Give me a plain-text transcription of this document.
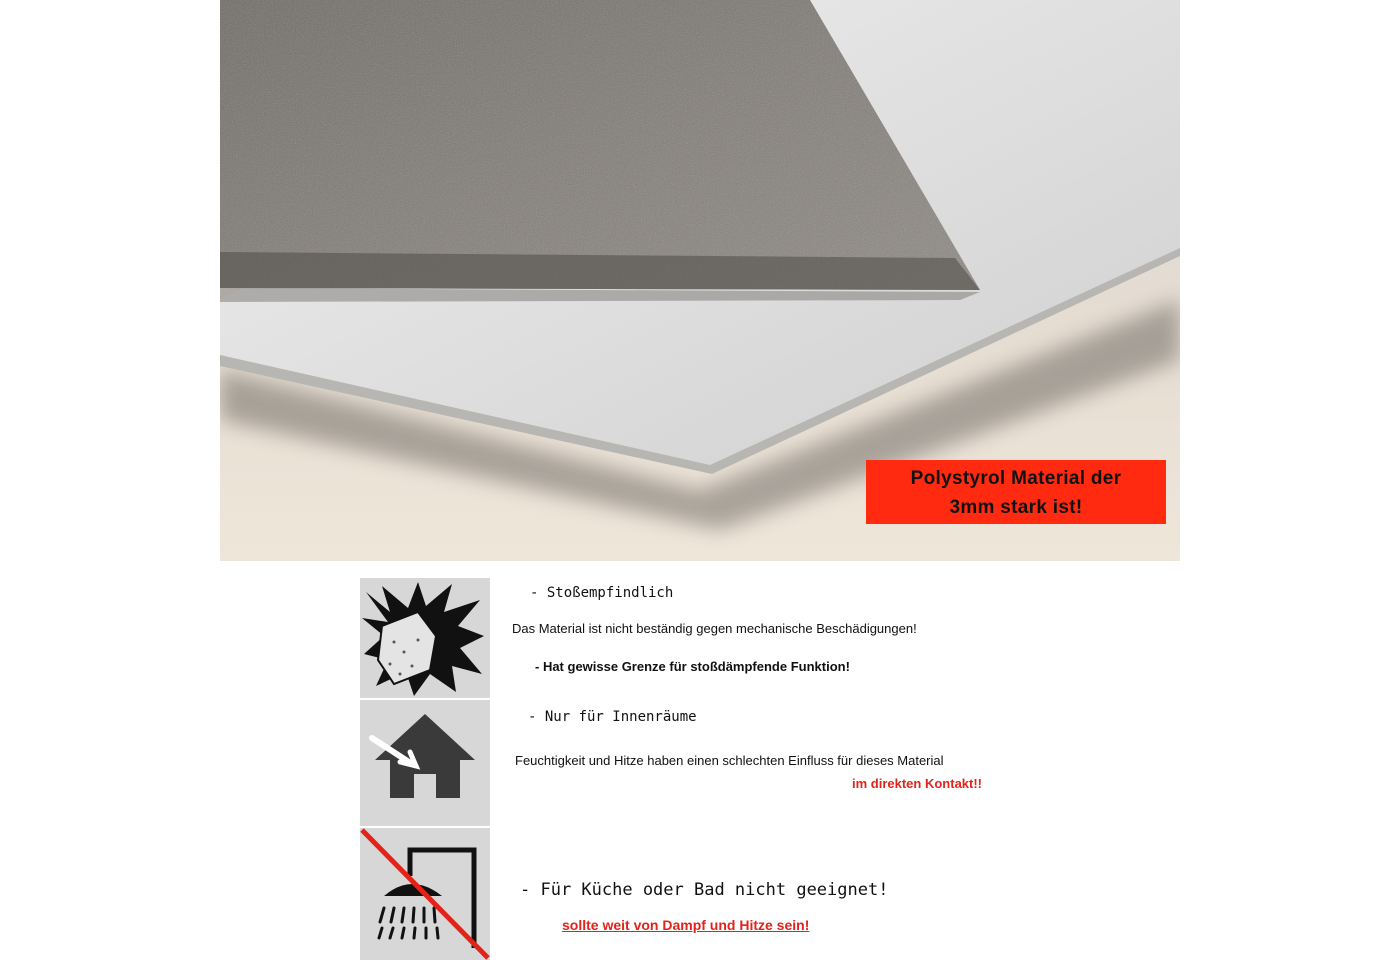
Polystyrol Material der
3mm stark ist!
- Stoßempfindlich
Das Material ist nicht beständig gegen mechanische Beschädigungen!
- Hat gewisse Grenze für stoßdämpfende Funktion!
- Nur für Innenräume
Feuchtigkeit und Hitze haben einen schlechten Einfluss für dieses Material
im direkten Kontakt!!
- Für Küche oder Bad nicht geeignet!
sollte weit von Dampf und Hitze sein!
